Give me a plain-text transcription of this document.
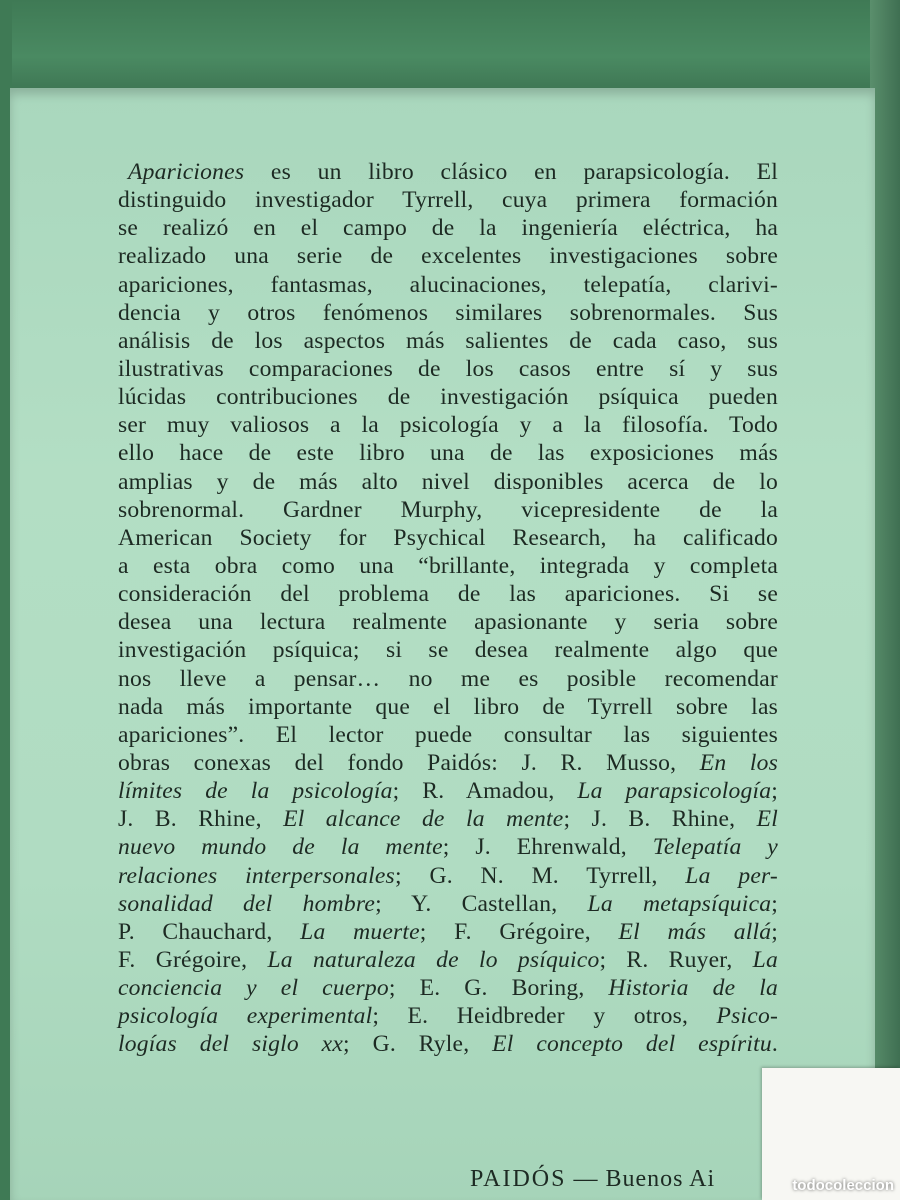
Apariciones es un libro clásico en parapsicología. El
distinguido investigador Tyrrell, cuya primera formación
se realizó en el campo de la ingeniería eléctrica, ha
realizado una serie de excelentes investigaciones sobre
apariciones, fantasmas, alucinaciones, telepatía, clarivi-
dencia y otros fenómenos similares sobrenormales. Sus
análisis de los aspectos más salientes de cada caso, sus
ilustrativas comparaciones de los casos entre sí y sus
lúcidas contribuciones de investigación psíquica pueden
ser muy valiosos a la psicología y a la filosofía. Todo
ello hace de este libro una de las exposiciones más
amplias y de más alto nivel disponibles acerca de lo
sobrenormal. Gardner Murphy, vicepresidente de la
American Society for Psychical Research, ha calificado
a esta obra como una “brillante, integrada y completa
consideración del problema de las apariciones. Si se
desea una lectura realmente apasionante y seria sobre
investigación psíquica; si se desea realmente algo que
nos lleve a pensar… no me es posible recomendar
nada más importante que el libro de Tyrrell sobre las
apariciones”. El lector puede consultar las siguientes
obras conexas del fondo Paidós: J. R. Musso, En los
límites de la psicología; R. Amadou, La parapsicología;
J. B. Rhine, El alcance de la mente; J. B. Rhine, El
nuevo mundo de la mente; J. Ehrenwald, Telepatía y
relaciones interpersonales; G. N. M. Tyrrell, La per-
sonalidad del hombre; Y. Castellan, La metapsíquica;
P. Chauchard, La muerte; F. Grégoire, El más allá;
F. Grégoire, La naturaleza de lo psíquico; R. Ruyer, La
conciencia y el cuerpo; E. G. Boring, Historia de la
psicología experimental; E. Heidbreder y otros, Psico-
logías del siglo xx; G. Ryle, El concepto del espíritu.
PAIDÓS — Buenos Ai	todocoleccion
